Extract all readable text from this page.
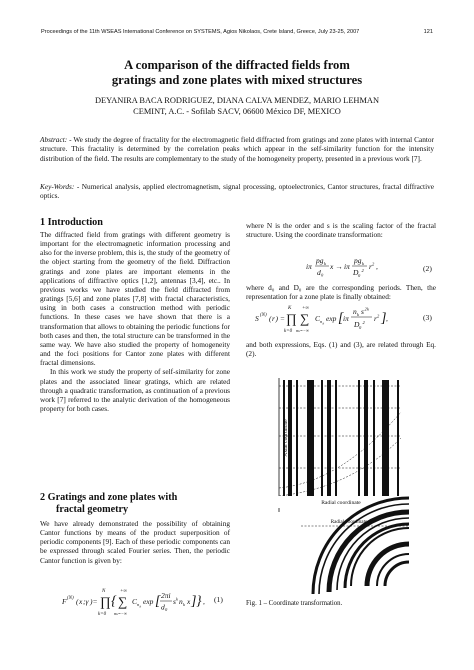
Proceedings of the 11th WSEAS International Conference on SYSTEMS, Agios Nikolaos, Crete Island, Greece, July 23-25, 2007	121
A comparison of the diffracted fields from
gratings and zone plates with mixed structures
DEYANIRA BACA RODRIGUEZ, DIANA CALVA MENDEZ, MARIO LEHMAN
CEMINT, A.C. - Sofilab SACV, 06600 México DF, MEXICO
Abstract: - We study the degree of fractality for the electromagnetic field diffracted from gratings and zone plates with internal Cantor structure. This fractality is determined by the correlation peaks which appear in the self-similarity function for the intensity distribution of the field. The results are complementary to the study of the homogeneity property, presented in a previous work [7].
Key-Words: - Numerical analysis, applied electromagnetism, signal processing, optoelectronics, Cantor structures, fractal diffractive optics.
1 Introduction
The diffracted field from gratings with different geometry is important for the electromagnetic information processing and also for the inverse problem, this is, the study of the geometry of the object starting from the geometry of the field. Diffraction gratings and zone plates are important elements in the applications of diffractive optics [1,2], antennas [3,4], etc.. In previous works we have studied the field diffracted from gratings [5,6] and zone plates [7,8] with fractal characteristics, using in both cases a construction method with periodic functions. In these cases we have shown that there is a transformation that allows to obtaining the periodic functions for both cases and then, the total structure can be transformed in the same way. We have also studied the property of homogeneity and the foci positions for Cantor zone plates with different fractal dimensions.
In this work we study the property of self-similarity for zone plates and the associated linear gratings, which are related through a quadratic transformation, as continuation of a previous work [7] referred to the analytic derivation of the homogeneous property for both cases.
2 Gratings and zone plates with
fractal geometry
We have already demonstrated the possibility of obtaining Cantor functions by means of the product superposition of periodic components [9]. Each of these periodic components can be expressed through scaled Fourier series. Then, the periodic Cantor function is given by:
F (N) ( x ; γ )= ∏
N
k=0
{ ∑
+∞
nk=−∞
C n k
exp [ 2πi
d 0
s k n k x ] } , (1)
where N is the order and s is the scaling factor of the fractal structure. Using the coordinate transformation:
iπ
pg k
d 0
x → iπ
pg k
D 0
2 r 2 ,	(2)
where d₀ and D₀ are the corresponding periods. Then, the representation for a zone plate is finally obtained:
S (N) ( r ) = ∏
K
k=0
∑
+∞
nk=−∞
C n k
exp [ iπ
n k s 2 k
D 0
2 r 2 ] ,	(3)
and both expressions, Eqs. (1) and (3), are related through Eq. (2).
Axial coordinate
Radial coordinate
Radial coordinate
Fig. 1 – Coordinate transformation.
